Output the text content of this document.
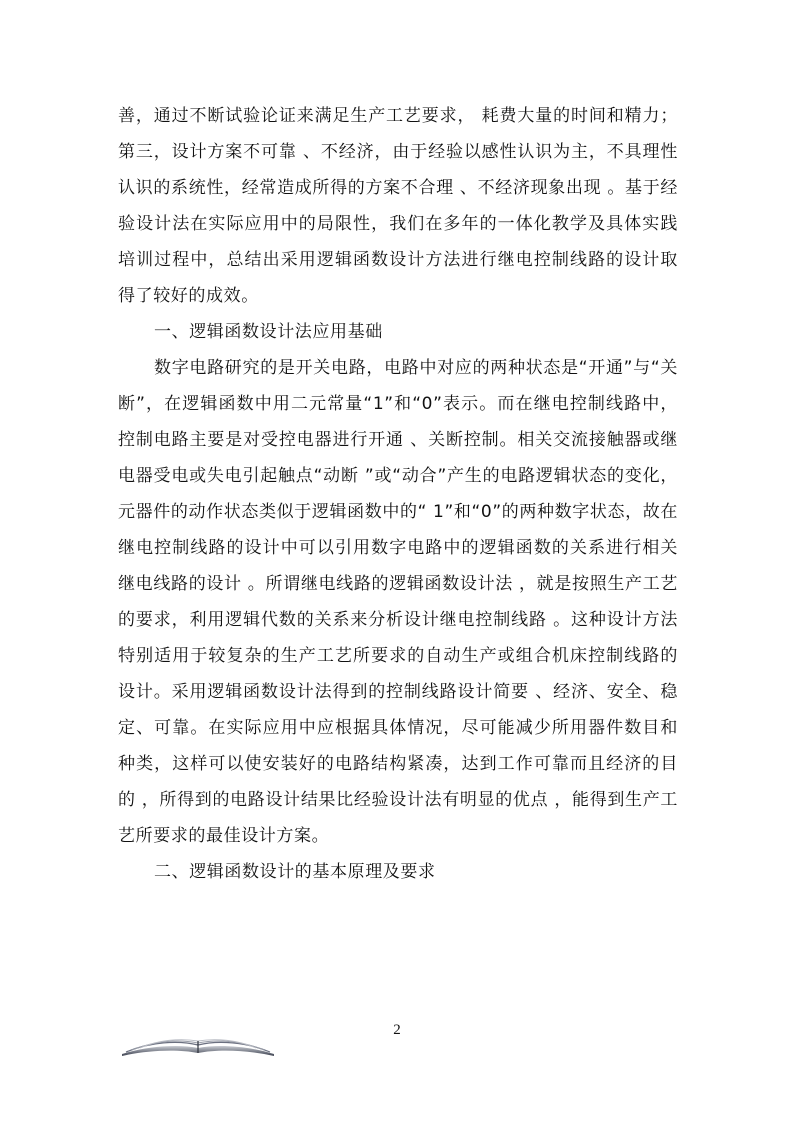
善，通过不断试验论证来满足生产工艺要求， 耗费大量的时间和精力；第三，设计方案不可靠 、不经济，由于经验以感性认识为主，不具理性认识的系统性，经常造成所得的方案不合理 、不经济现象出现 。基于经验设计法在实际应用中的局限性，我们在多年的一体化教学及具体实践培训过程中，总结出采用逻辑函数设计方法进行继电控制线路的设计取得了较好的成效。

一、逻辑函数设计法应用基础

数字电路研究的是开关电路，电路中对应的两种状态是“开通”与“关断”，在逻辑函数中用二元常量“1”和“0”表示。而在继电控制线路中，控制电路主要是对受控电器进行开通 、关断控制。相关交流接触器或继电器受电或失电引起触点“动断 ”或“动合”产生的电路逻辑状态的变化，元器件的动作状态类似于逻辑函数中的“ 1”和“0”的两种数字状态，故在继电控制线路的设计中可以引用数字电路中的逻辑函数的关系进行相关继电线路的设计 。所谓继电线路的逻辑函数设计法 ，就是按照生产工艺的要求，利用逻辑代数的关系来分析设计继电控制线路 。这种设计方法特别适用于较复杂的生产工艺所要求的自动生产或组合机床控制线路的设计。采用逻辑函数设计法得到的控制线路设计简要 、经济、安全、稳定、可靠。在实际应用中应根据具体情况，尽可能减少所用器件数目和种类，这样可以使安装好的电路结构紧凑，达到工作可靠而且经济的目的 ，所得到的电路设计结果比经验设计法有明显的优点 ，能得到生产工艺所要求的最佳设计方案。

二、逻辑函数设计的基本原理及要求

2
